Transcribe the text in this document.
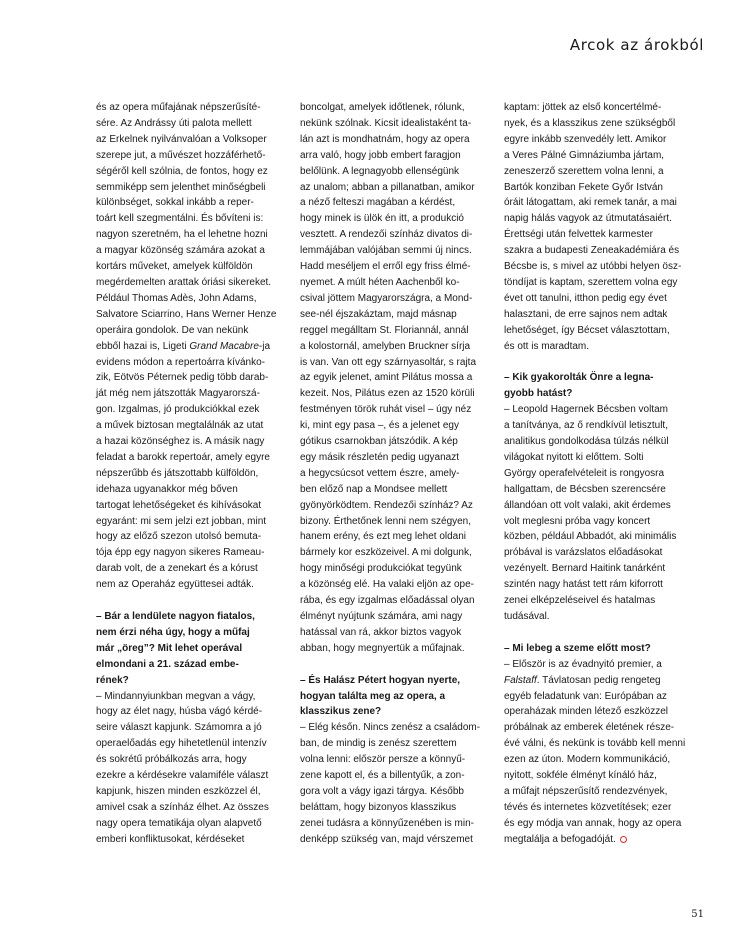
Arcok az árokból
és az opera műfajának népszerűsíté-
sére. Az Andrássy úti palota mellett
az Erkelnek nyilvánvalóan a Volksoper
szerepe jut, a művészet hozzáférhető-
ségéről kell szólnia, de fontos, hogy ez
semmiképp sem jelenthet minőségbeli
különbséget, sokkal inkább a reper-
toárt kell szegmentálni. És bővíteni is:
nagyon szeretném, ha el lehetne hozni
a magyar közönség számára azokat a
kortárs műveket, amelyek külföldön
megérdemelten arattak óriási sikereket.
Például Thomas Adès, John Adams,
Salvatore Sciarrino, Hans Werner Henze
operáira gondolok. De van nekünk
ebből hazai is, Ligeti Grand Macabre-ja
evidens módon a repertoárra kívánko-
zik, Eötvös Péternek pedig több darab-
ját még nem játszották Magyarorszá-
gon. Izgalmas, jó produkciókkal ezek
a művek biztosan megtalálnák az utat
a hazai közönséghez is. A másik nagy
feladat a barokk repertoár, amely egyre
népszerűbb és játszottabb külföldön,
idehaza ugyanakkor még bőven
tartogat lehetőségeket és kihívásokat
egyaránt: mi sem jelzi ezt jobban, mint
hogy az előző szezon utolsó bemuta-
tója épp egy nagyon sikeres Rameau-
darab volt, de a zenekart és a kórust
nem az Operaház együttesei adták.
– Bár a lendülete nagyon fiatalos,
nem érzi néha úgy, hogy a műfaj
már „öreg”? Mit lehet operával
elmondani a 21. század embe-
rének?
– Mindannyiunkban megvan a vágy,
hogy az élet nagy, húsba vágó kérdé-
seire választ kapjunk. Számomra a jó
operaelőadás egy hihetetlenül intenzív
és sokrétű próbálkozás arra, hogy
ezekre a kérdésekre valamiféle választ
kapjunk, hiszen minden eszközzel él,
amivel csak a színház élhet. Az összes
nagy opera tematikája olyan alapvető
emberi konfliktusokat, kérdéseket
boncolgat, amelyek időtlenek, rólunk,
nekünk szólnak. Kicsit idealistaként ta-
lán azt is mondhatnám, hogy az opera
arra való, hogy jobb embert faragjon
belőlünk. A legnagyobb ellenségünk
az unalom; abban a pillanatban, amikor
a néző felteszi magában a kérdést,
hogy minek is ülök én itt, a produkció
vesztett. A rendezői színház divatos di-
lemmájában valójában semmi új nincs.
Hadd meséljem el erről egy friss élmé-
nyemet. A múlt héten Aachenből ko-
csival jöttem Magyarországra, a Mond-
see-nél éjszakáztam, majd másnap
reggel megálltam St. Floriannál, annál
a kolostornál, amelyben Bruckner sírja
is van. Van ott egy szárnyasoltár, s rajta
az egyik jelenet, amint Pilátus mossa a
kezeit. Nos, Pilátus ezen az 1520 körüli
festményen török ruhát visel – úgy néz
ki, mint egy pasa –, és a jelenet egy
gótikus csarnokban játszódik. A kép
egy másik részletén pedig ugyanazt
a hegycsúcsot vettem észre, amely-
ben előző nap a Mondsee mellett
gyönyörködtem. Rendezői színház? Az
bizony. Érthetőnek lenni nem szégyen,
hanem erény, és ezt meg lehet oldani
bármely kor eszközeivel. A mi dolgunk,
hogy minőségi produkciókat tegyünk
a közönség elé. Ha valaki eljön az ope-
rába, és egy izgalmas előadással olyan
élményt nyújtunk számára, ami nagy
hatással van rá, akkor biztos vagyok
abban, hogy megnyertük a műfajnak.
– És Halász Pétert hogyan nyerte,
hogyan találta meg az opera, a
klasszikus zene?
– Elég későn. Nincs zenész a családom-
ban, de mindig is zenész szerettem
volna lenni: először persze a könnyű-
zene kapott el, és a billentyűk, a zon-
gora volt a vágy igazi tárgya. Később
beláttam, hogy bizonyos klasszikus
zenei tudásra a könnyűzenében is min-
denképp szükség van, majd vérszemet
kaptam: jöttek az első koncertélmé-
nyek, és a klasszikus zene szükségből
egyre inkább szenvedély lett. Amikor
a Veres Pálné Gimnáziumba jártam,
zeneszerző szerettem volna lenni, a
Bartók konziban Fekete Győr István
óráit látogattam, aki remek tanár, a mai
napig hálás vagyok az útmutatásaiért.
Érettségi után felvettek karmester
szakra a budapesti Zeneakadémiára és
Bécsbe is, s mivel az utóbbi helyen ösz-
töndíjat is kaptam, szerettem volna egy
évet ott tanulni, itthon pedig egy évet
halasztani, de erre sajnos nem adtak
lehetőséget, így Bécset választottam,
és ott is maradtam.
– Kik gyakorolták Önre a legna-
gyobb hatást?
– Leopold Hagernek Bécsben voltam
a tanítványa, az ő rendkívül letisztult,
analitikus gondolkodása túlzás nélkül
világokat nyitott ki előttem. Solti
György operafelvételeit is rongyosra
hallgattam, de Bécsben szerencsére
állandóan ott volt valaki, akit érdemes
volt meglesni próba vagy koncert
közben, például Abbadót, aki minimális
próbával is varázslatos előadásokat
vezényelt. Bernard Haitink tanárként
szintén nagy hatást tett rám kiforrott
zenei elképzeléseivel és hatalmas
tudásával.
– Mi lebeg a szeme előtt most?
– Először is az évadnyitó premier, a
Falstaff. Távlatosan pedig rengeteg
egyéb feladatunk van: Európában az
operaházak minden létező eszközzel
próbálnak az emberek életének része-
évé válni, és nekünk is tovább kell menni
ezen az úton. Modern kommunikáció,
nyitott, sokféle élményt kínáló ház,
a műfajt népszerűsítő rendezvények,
tévés és internetes közvetítések; ezer
és egy módja van annak, hogy az opera
megtalálja a befogadóját.
51
